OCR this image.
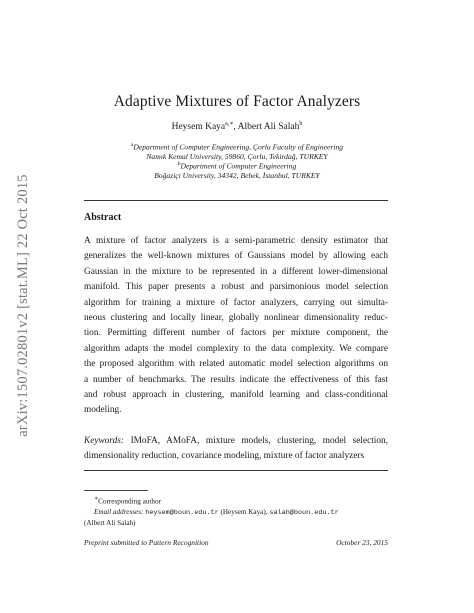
arXiv:1507.02801v2 [stat.ML] 22 Oct 2015
Adaptive Mixtures of Factor Analyzers
Heysem Kaya$^{a,∗}$, Albert Ali Salah$^b$
$^a$Department of Computer Engineering, Çorlu Faculty of Engineering
Namık Kemal University, 59860, Çorlu, Tekirdağ, TURKEY
$^b$Department of Computer Engineering
Boğaziçi University, 34342, Bebek, İstanbul, TURKEY
Abstract
A mixture of factor analyzers is a semi-parametric density estimator that
generalizes the well-known mixtures of Gaussians model by allowing each
Gaussian in the mixture to be represented in a different lower-dimensional
manifold. This paper presents a robust and parsimonious model selection
algorithm for training a mixture of factor analyzers, carrying out simulta-
neous clustering and locally linear, globally nonlinear dimensionality reduc-
tion. Permitting different number of factors per mixture component, the
algorithm adapts the model complexity to the data complexity. We compare
the proposed algorithm with related automatic model selection algorithms on
a number of benchmarks. The results indicate the effectiveness of this fast
and robust approach in clustering, manifold learning and class-conditional
modeling.
Keywords: IMoFA, AMoFA, mixture models, clustering, model selection,
dimensionality reduction, covariance modeling, mixture of factor analyzers
∗Corresponding author
Email addresses: heysem@boun.edu.tr (Heysem Kaya), salah@boun.edu.tr
(Albert Ali Salah)
Preprint submitted to Pattern Recognition	October 23, 2015
